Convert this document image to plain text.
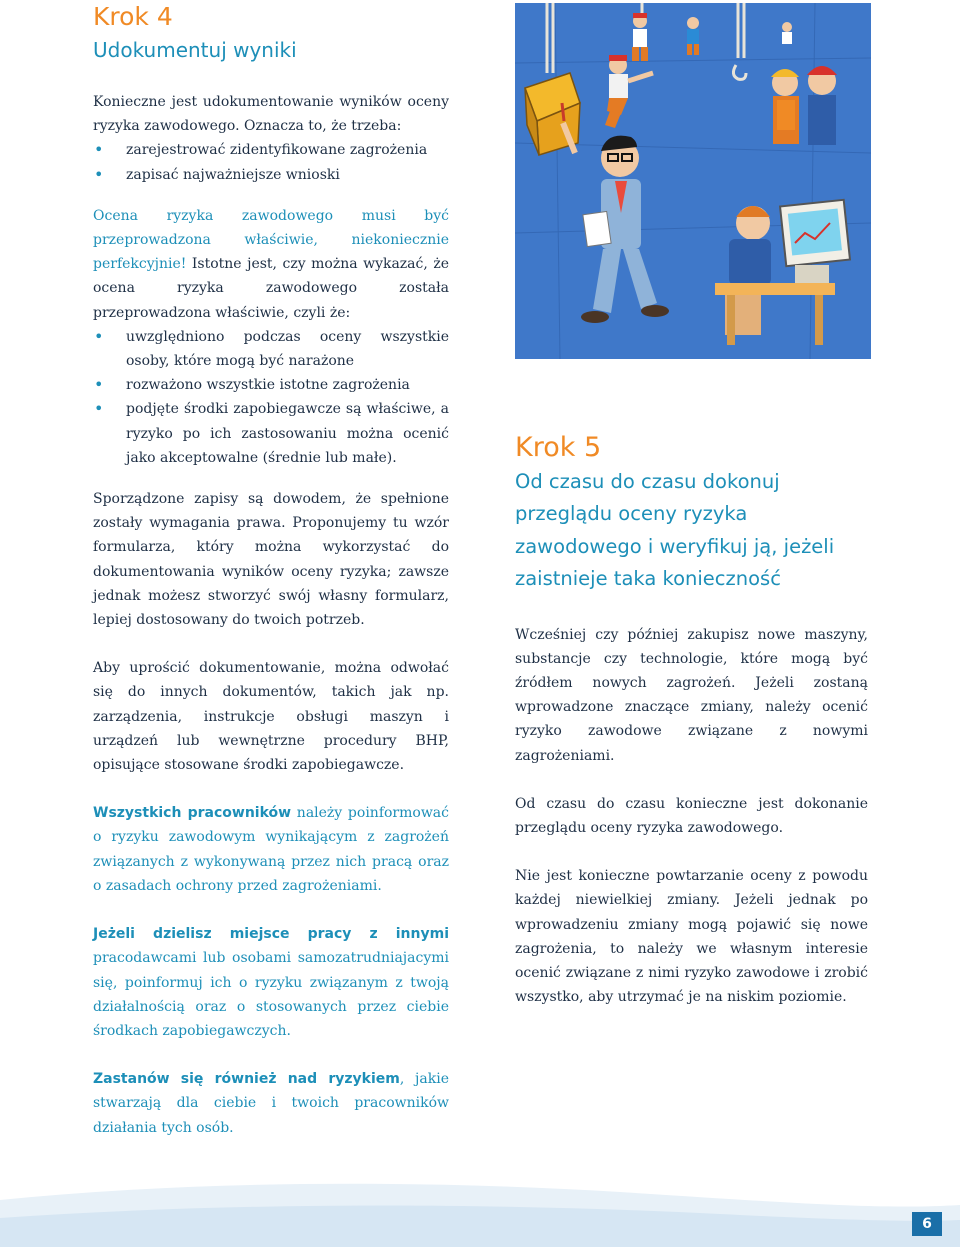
Krok 4
Udokumentuj wyniki

Konieczne jest udokumentowanie wyników oceny ryzyka zawodowego. Oznacza to, że trzeba:

• zarejestrować zidentyfikowane zagrożenia
• zapisać najważniejsze wnioski

Ocena ryzyka zawodowego musi być przeprowadzona właściwie, niekoniecznie perfekcyjnie! Istotne jest, czy można wykazać, że ocena ryzyka zawodowego została przeprowadzona właściwie, czyli że:

• uwzględniono podczas oceny wszystkie osoby, które mogą być narażone
• rozważono wszystkie istotne zagrożenia
• podjęte środki zapobiegawcze są właściwe, a ryzyko po ich zastosowaniu można ocenić jako akceptowalne (średnie lub małe).

Sporządzone zapisy są dowodem, że spełnione zostały wymagania prawa. Proponujemy tu wzór formularza, który można wykorzystać do dokumentowania wyników oceny ryzyka; zawsze jednak możesz stworzyć swój własny formularz, lepiej dostosowany do twoich potrzeb.

Aby uprościć dokumentowanie, można odwołać się do innych dokumentów, takich jak np. zarządzenia, instrukcje obsługi maszyn i urządzeń lub wewnętrzne procedury BHP, opisujące stosowane środki zapobiegawcze.

Wszystkich pracowników należy poinformować o ryzyku zawodowym wynikającym z zagrożeń związanych z wykonywaną przez nich pracą oraz o zasadach ochrony przed zagrożeniami.

Jeżeli dzielisz miejsce pracy z innymi pracodawcami lub osobami samozatrudniajacymi się, poinformuj ich o ryzyku związanym z twoją działalnością oraz o stosowanych przez ciebie środkach zapobiegawczych.

Zastanów się również nad ryzykiem, jakie stwarzają dla ciebie i twoich pracowników działania tych osób.

Krok 5
Od czasu do czasu dokonuj przeglądu oceny ryzyka zawodowego i weryfikuj ją, jeżeli zaistnieje taka konieczność

Wcześniej czy później zakupisz nowe maszyny, substancje czy technologie, które mogą być źródłem nowych zagrożeń. Jeżeli zostaną wprowadzone znaczące zmiany, należy ocenić ryzyko zawodowe związane z nowymi zagrożeniami.

Od czasu do czasu konieczne jest dokonanie przeglądu oceny ryzyka zawodowego.

Nie jest konieczne powtarzanie oceny z powodu każdej niewielkiej zmiany. Jeżeli jednak po wprowadzeniu zmiany mogą pojawić się nowe zagrożenia, to należy we własnym interesie ocenić związane z nimi ryzyko zawodowe i zrobić wszystko, aby utrzymać je na niskim poziomie.

6
